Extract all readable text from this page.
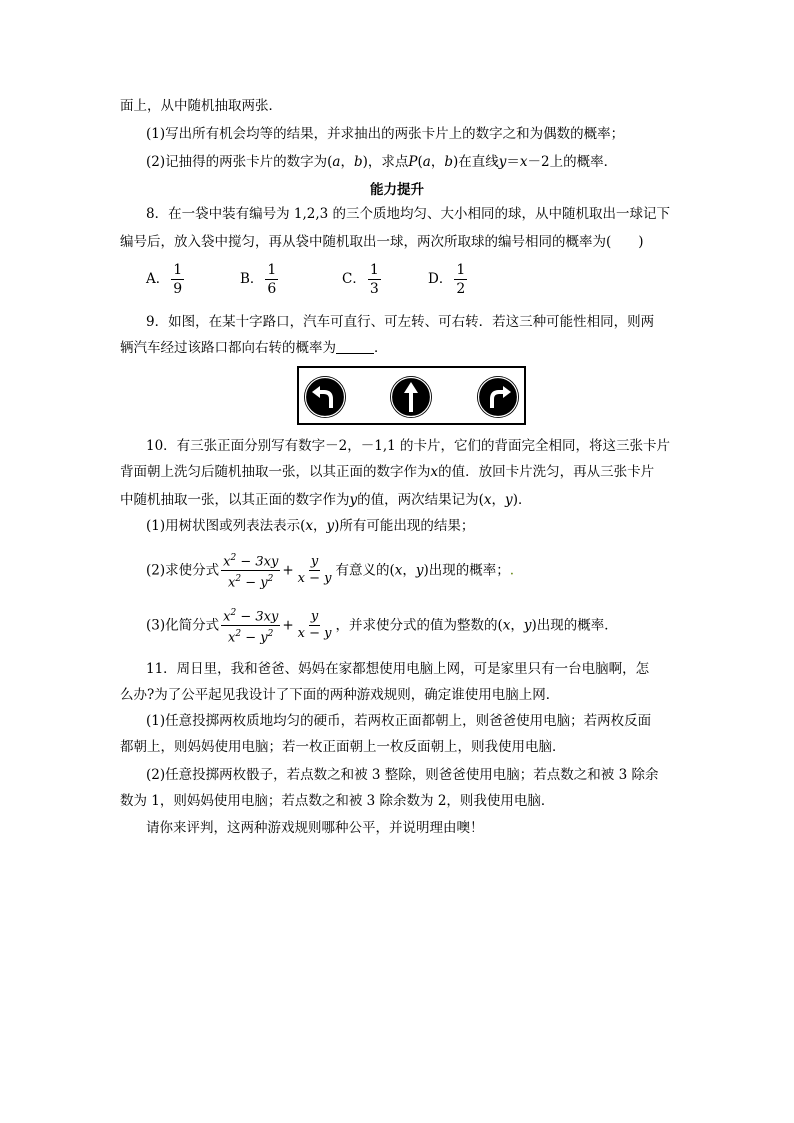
面上，从中随机抽取两张．
(1)写出所有机会均等的结果，并求抽出的两张卡片上的数字之和为偶数的概率；
(2)记抽得的两张卡片的数字为(a，b)，求点P(a，b)在直线y＝x－2上的概率．
能力提升
8．在一袋中装有编号为 1,2,3 的三个质地均匀、大小相同的球，从中随机取出一球记下
编号后，放入袋中搅匀，再从袋中随机取出一球，两次所取球的编号相同的概率为(　　)
A． $\frac{1}{9}$	B． $\frac{1}{6}$	C． $\frac{1}{3}$	D． $\frac{1}{2}$
9．如图，在某十字路口，汽车可直行、可左转、可右转．若这三种可能性相同，则两
辆汽车经过该路口都向右转的概率为	．
10．有三张正面分别写有数字－2，－1,1 的卡片，它们的背面完全相同，将这三张卡片
背面朝上洗匀后随机抽取一张，以其正面的数字作为x的值．放回卡片洗匀，再从三张卡片
中随机抽取一张，以其正面的数字作为y的值，两次结果记为(x，y)．
(1)用树状图或列表法表示(x，y)所有可能出现的结果；
(2)求使分式 $\frac{x^2 - 3xy}{x^2 - y^2} + \frac{y}{x - y}$ 有意义的(x，y)出现的概率；.
(3)化简分式 $\frac{x^2 - 3xy}{x^2 - y^2} + \frac{y}{x - y}$ ，并求使分式的值为整数的(x，y)出现的概率．
11．周日里，我和爸爸、妈妈在家都想使用电脑上网，可是家里只有一台电脑啊，怎
么办?为了公平起见我设计了下面的两种游戏规则，确定谁使用电脑上网．
(1)任意投掷两枚质地均匀的硬币，若两枚正面都朝上，则爸爸使用电脑；若两枚反面
都朝上，则妈妈使用电脑；若一枚正面朝上一枚反面朝上，则我使用电脑．
(2)任意投掷两枚骰子，若点数之和被 3 整除，则爸爸使用电脑；若点数之和被 3 除余
数为 1，则妈妈使用电脑；若点数之和被 3 除余数为 2，则我使用电脑．
请你来评判，这两种游戏规则哪种公平，并说明理由噢！
